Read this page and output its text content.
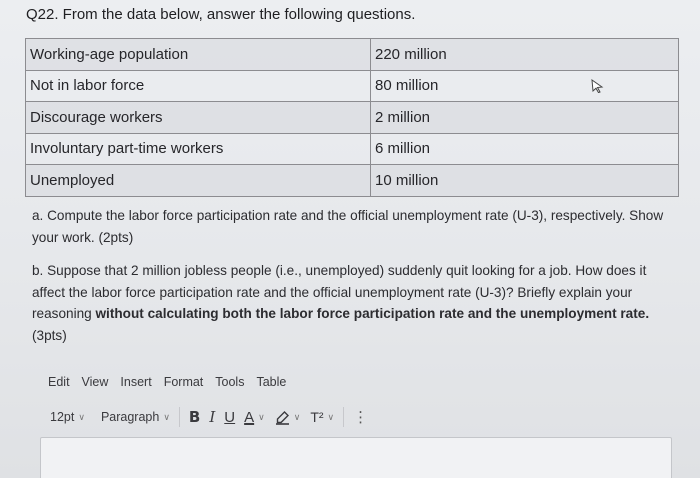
Q22. From the data below, answer the following questions.
Working-age population	220 million
Not in labor force	80 million
Discourage workers	2 million
Involuntary part-time workers	6 million
Unemployed	10 million
a. Compute the labor force participation rate and the official unemployment rate (U-3), respectively. Show your work. (2pts)
b. Suppose that 2 million jobless people (i.e., unemployed) suddenly quit looking for a job. How does it affect the labor force participation rate and the official unemployment rate (U-3)? Briefly explain your reasoning without calculating both the labor force participation rate and the unemployment rate. (3pts)
Edit View Insert Format Tools Table
12pt ∨ Paragraph ∨ B I U A ∨	∨ T² ∨ ⋮
